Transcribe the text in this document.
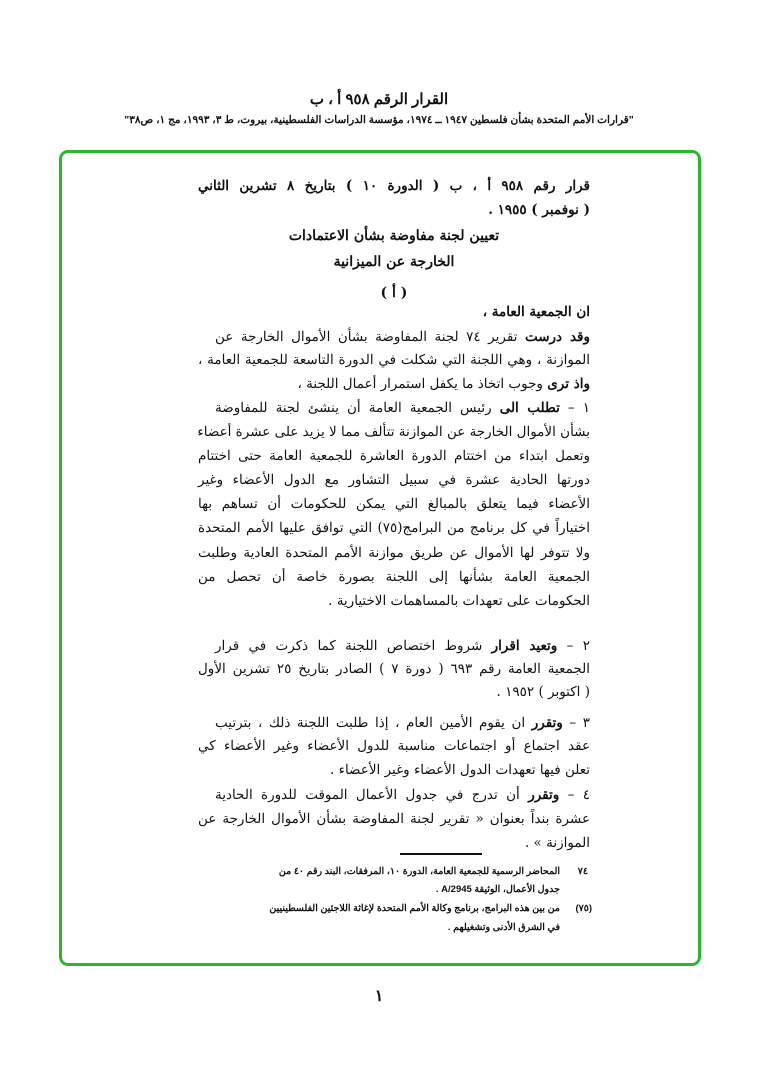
القرار الرقم ٩٥٨ أ ، ب
"قرارات الأمم المتحدة بشأن فلسطين ١٩٤٧ ــ ١٩٧٤، مؤسسة الدراسات الفلسطينية، بيروت، ط ٣، ١٩٩٣، مج ١، ص٣٨"
قرار رقم ٩٥٨ أ ، ب ( الدورة ١٠ ) بتاريخ ٨ تشرين الثاني
( نوفمبر ) ١٩٥٥ .
تعيين لجنة مفاوضة بشأن الاعتمادات
الخارجة عن الميزانية
( أ )
ان الجمعية العامة ،
وقد درست تقرير ٧٤ لجنة المفاوضة بشأن الأموال الخارجة عن
الموازنة ، وهي اللجنة التي شكلت في الدورة التاسعة للجمعية العامة ،
واذ ترى وجوب اتخاذ ما يكفل استمرار أعمال اللجنة ،
١ – تطلب الى رئيس الجمعية العامة أن ينشئ لجنة للمفاوضة
بشأن الأموال الخارجة عن الموازنة تتألف مما لا يزيد على عشرة أعضاء
وتعمل ابتداء من اختتام الدورة العاشرة للجمعية العامة حتى اختتام
دورتها الحادية عشرة في سبيل التشاور مع الدول الأعضاء وغير
الأعضاء فيما يتعلق بالمبالغ التي يمكن للحكومات أن تساهم بها
اختياراً في كل برنامج من البرامج(٧٥) التي توافق عليها الأمم المتحدة
ولا تتوفر لها الأموال عن طريق موازنة الأمم المتحدة العادية وطلبت
الجمعية العامة بشأنها إلى اللجنة بصورة خاصة أن تحصل من
الحكومات على تعهدات بالمساهمات الاختيارية .
٢ – وتعيد اقرار شروط اختصاص اللجنة كما ذكرت في قرار
الجمعية العامة رقم ٦٩٣ ( دورة ٧ ) الصادر بتاريخ ٢٥ تشرين الأول
( اكتوبر ) ١٩٥٢ .
٣ – وتقرر ان يقوم الأمين العام ، إذا طلبت اللجنة ذلك ، بترتيب
عقد اجتماع أو اجتماعات مناسبة للدول الأعضاء وغير الأعضاء كي
تعلن فيها تعهدات الدول الأعضاء وغير الأعضاء .
٤ – وتقرر أن تدرج في جدول الأعمال الموقت للدورة الحادية
عشرة بنداً بعنوان « تقرير لجنة المفاوضة بشأن الأموال الخارجة عن
الموازنة » .
٧٤
المحاضر الرسمية للجمعية العامة، الدورة ١٠، المرفقات، البند رقم ٤٠ من
جدول الأعمال، الوثيقة A/2945 .
(٧٥)
من بين هذه البرامج، برنامج وكالة الأمم المتحدة لإغاثة اللاجئين الفلسطينيين
في الشرق الأدنى وتشغيلهم .
١
